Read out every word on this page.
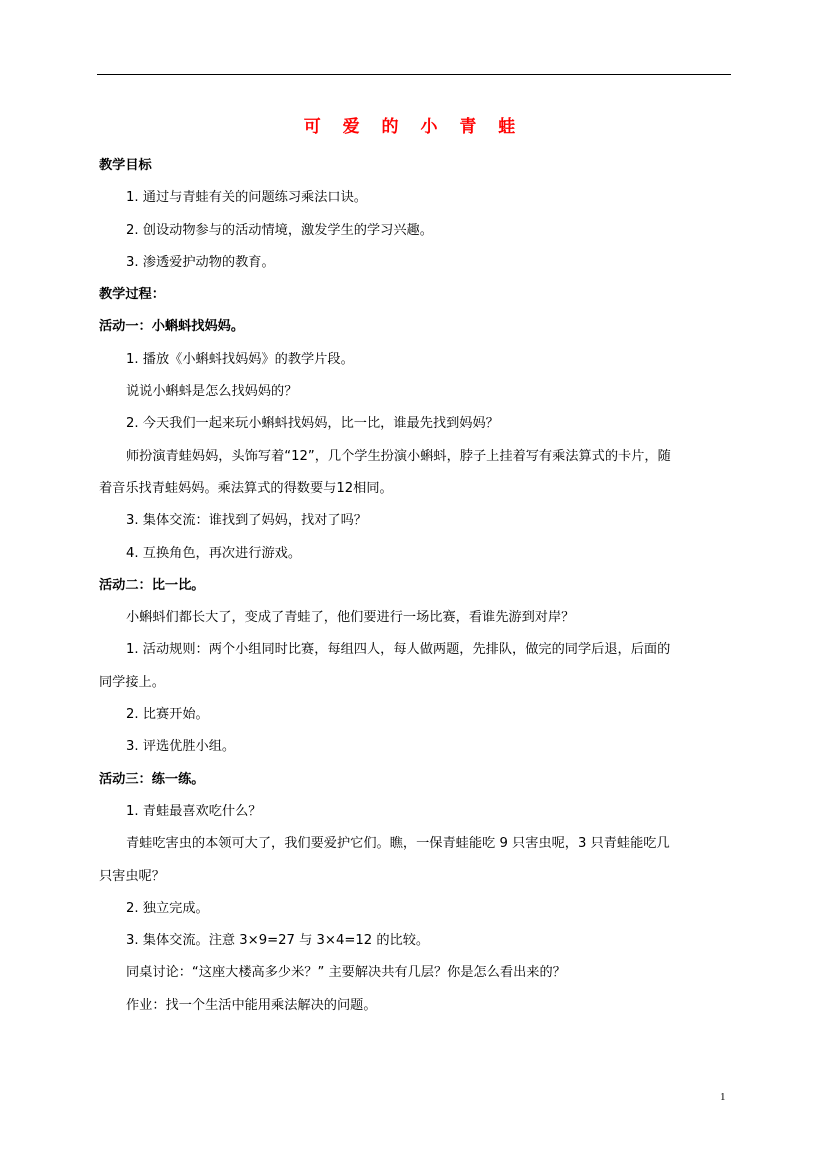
可 爱 的 小 青 蛙
教学目标
1. 通过与青蛙有关的问题练习乘法口诀。
2. 创设动物参与的活动情境，激发学生的学习兴趣。
3. 渗透爱护动物的教育。
教学过程：
活动一：小蝌蚪找妈妈。
1. 播放《小蝌蚪找妈妈》的教学片段。
说说小蝌蚪是怎么找妈妈的？
2. 今天我们一起来玩小蝌蚪找妈妈，比一比，谁最先找到妈妈？
师扮演青蛙妈妈，头饰写着“12”，几个学生扮演小蝌蚪，脖子上挂着写有乘法算式的卡片，随
着音乐找青蛙妈妈。乘法算式的得数要与12相同。
3. 集体交流：谁找到了妈妈，找对了吗？
4. 互换角色，再次进行游戏。
活动二：比一比。
小蝌蚪们都长大了，变成了青蛙了，他们要进行一场比赛，看谁先游到对岸？
1. 活动规则：两个小组同时比赛，每组四人，每人做两题，先排队，做完的同学后退，后面的
同学接上。
2. 比赛开始。
3. 评选优胜小组。
活动三：练一练。
1. 青蛙最喜欢吃什么？
青蛙吃害虫的本领可大了，我们要爱护它们。瞧，一保青蛙能吃 9 只害虫呢，3 只青蛙能吃几
只害虫呢？
2. 独立完成。
3. 集体交流。注意 3×9=27 与 3×4=12 的比较。
同桌讨论：“这座大楼高多少米？” 主要解决共有几层？你是怎么看出来的？
作业：找一个生活中能用乘法解决的问题。
1
